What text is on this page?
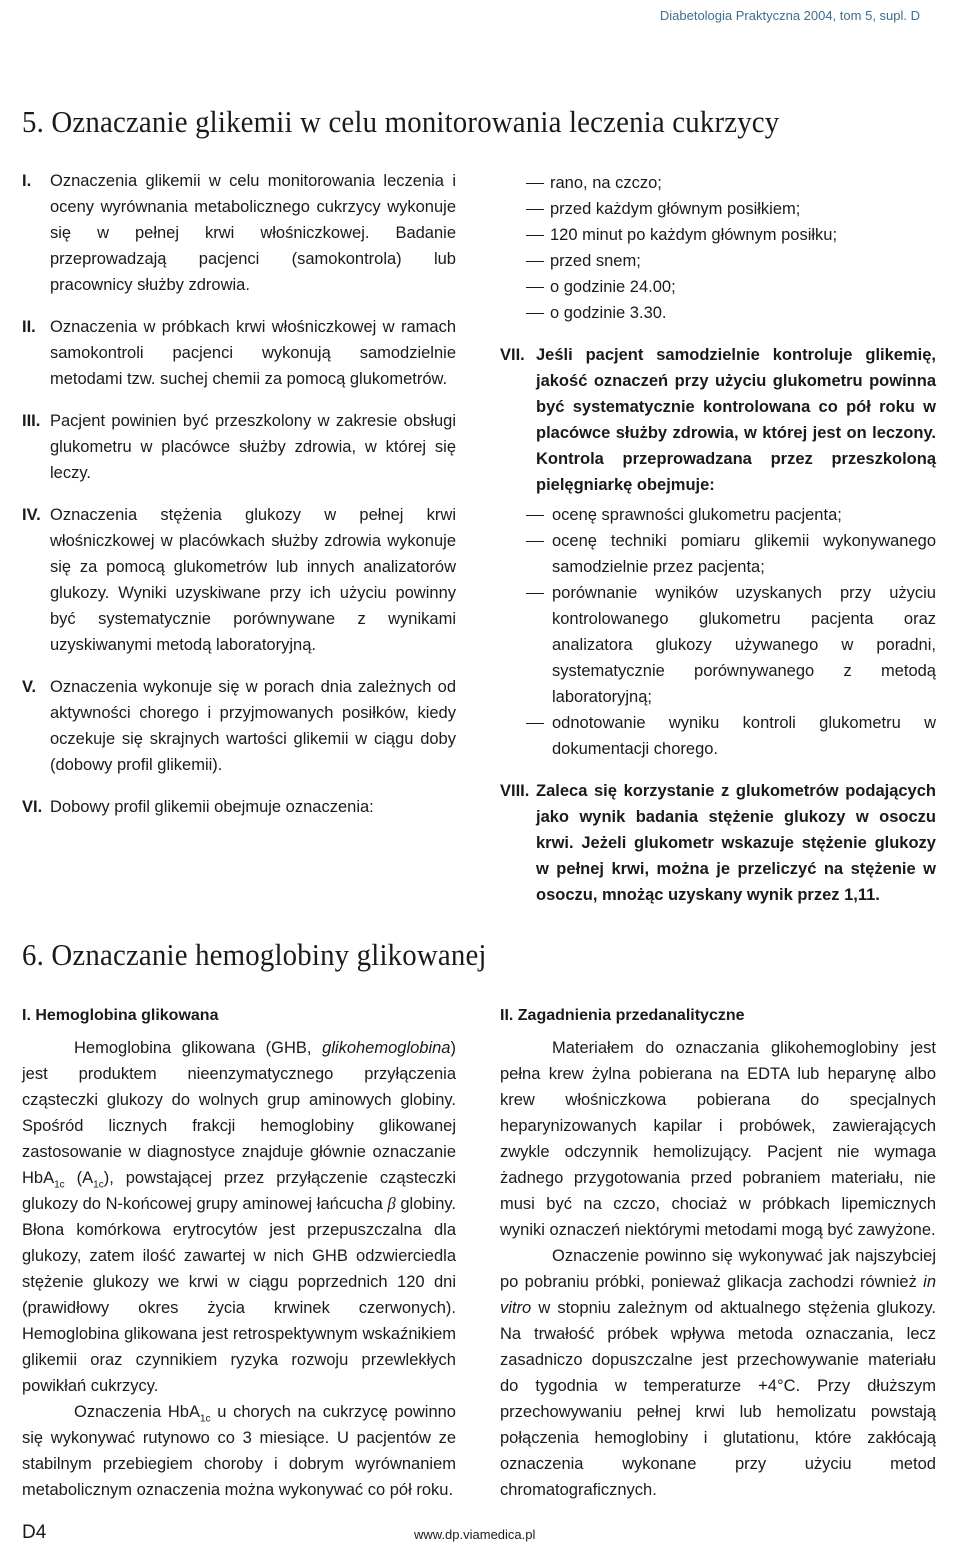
Diabetologia Praktyczna 2004, tom 5, supl. D
5. Oznaczanie glikemii w celu monitorowania leczenia cukrzycy

I. Oznaczenia glikemii w celu monitorowania leczenia i oceny wyrównania metabolicznego cukrzycy wykonuje się w pełnej krwi włośniczkowej. Badanie przeprowadzają pacjenci (samokontrola) lub pracownicy służby zdrowia.

II. Oznaczenia w próbkach krwi włośniczkowej w ramach samokontroli pacjenci wykonują samodzielnie metodami tzw. suchej chemii za pomocą glukometrów.

III. Pacjent powinien być przeszkolony w zakresie obsługi glukometru w placówce służby zdrowia, w której się leczy.

IV. Oznaczenia stężenia glukozy w pełnej krwi włośniczkowej w placówkach służby zdrowia wykonuje się za pomocą glukometrów lub innych analizatorów glukozy. Wyniki uzyskiwane przy ich użyciu powinny być systematycznie porównywane z wynikami uzyskiwanymi metodą laboratoryjną.

V. Oznaczenia wykonuje się w porach dnia zależnych od aktywności chorego i przyjmowanych posiłków, kiedy oczekuje się skrajnych wartości glikemii w ciągu doby (dobowy profil glikemii).

VI. Dobowy profil glikemii obejmuje oznaczenia:

rano, na czczo;
przed każdym głównym posiłkiem;
120 minut po każdym głównym posiłku;
przed snem;
o godzinie 24.00;
o godzinie 3.30.

VII. Jeśli pacjent samodzielnie kontroluje glikemię, jakość oznaczeń przy użyciu glukometru powinna być systematycznie kontrolowana co pół roku w placówce służby zdrowia, w której jest on leczony. Kontrola przeprowadzana przez przeszkoloną pielęgniarkę obejmuje:

ocenę sprawności glukometru pacjenta;
ocenę techniki pomiaru glikemii wykonywanego samodzielnie przez pacjenta;
porównanie wyników uzyskanych przy użyciu kontrolowanego glukometru pacjenta oraz analizatora glukozy używanego w poradni, systematycznie porównywanego z metodą laboratoryjną;
odnotowanie wyniku kontroli glukometru w dokumentacji chorego.

VIII. Zaleca się korzystanie z glukometrów podających jako wynik badania stężenie glukozy w osoczu krwi. Jeżeli glukometr wskazuje stężenie glukozy w pełnej krwi, można je przeliczyć na stężenie w osoczu, mnożąc uzyskany wynik przez 1,11.

6. Oznaczanie hemoglobiny glikowanej
I. Hemoglobina glikowana

Hemoglobina glikowana (GHB, glikohemoglobina) jest produktem nieenzymatycznego przyłączenia cząsteczki glukozy do wolnych grup aminowych globiny. Spośród licznych frakcji hemoglobiny glikowanej zastosowanie w diagnostyce znajduje głównie oznaczanie HbA$_{1c}$ $(A_{1c})$, powstającej przez przyłączenie cząsteczki glukozy do N-końcowej grupy aminowej łańcucha β globiny. Błona komórkowa erytrocytów jest przepuszczalna dla glukozy, zatem ilość zawartej w nich GHB odzwierciedla stężenie glukozy we krwi w ciągu poprzednich 120 dni (prawidłowy okres życia krwinek czerwonych). Hemoglobina glikowana jest retrospektywnym wskaźnikiem glikemii oraz czynnikiem ryzyka rozwoju przewlekłych powikłań cukrzycy.

Oznaczenia HbA$_{1c}$ u chorych na cukrzycę powinno się wykonywać rutynowo co 3 miesiące. U pacjentów ze stabilnym przebiegiem choroby i dobrym wyrównaniem metabolicznym oznaczenia można wykonywać co pół roku.

II. Zagadnienia przedanalityczne

Materiałem do oznaczania glikohemoglobiny jest pełna krew żylna pobierana na EDTA lub heparynę albo krew włośniczkowa pobierana do specjalnych heparynizowanych kapilar i probówek, zawierających zwykle odczynnik hemolizujący. Pacjent nie wymaga żadnego przygotowania przed pobraniem materiału, nie musi być na czczo, chociaż w próbkach lipemicznych wyniki oznaczeń niektórymi metodami mogą być zawyżone.

Oznaczenie powinno się wykonywać jak najszybciej po pobraniu próbki, ponieważ glikacja zachodzi również in vitro w stopniu zależnym od aktualnego stężenia glukozy. Na trwałość próbek wpływa metoda oznaczania, lecz zasadniczo dopuszczalne jest przechowywanie materiału do tygodnia w temperaturze +4°C. Przy dłuższym przechowywaniu pełnej krwi lub hemolizatu powstają połączenia hemoglobiny i glutationu, które zakłócają oznaczenia wykonane przy użyciu metod chromatograficznych.

D4	www.dp.viamedica.pl
